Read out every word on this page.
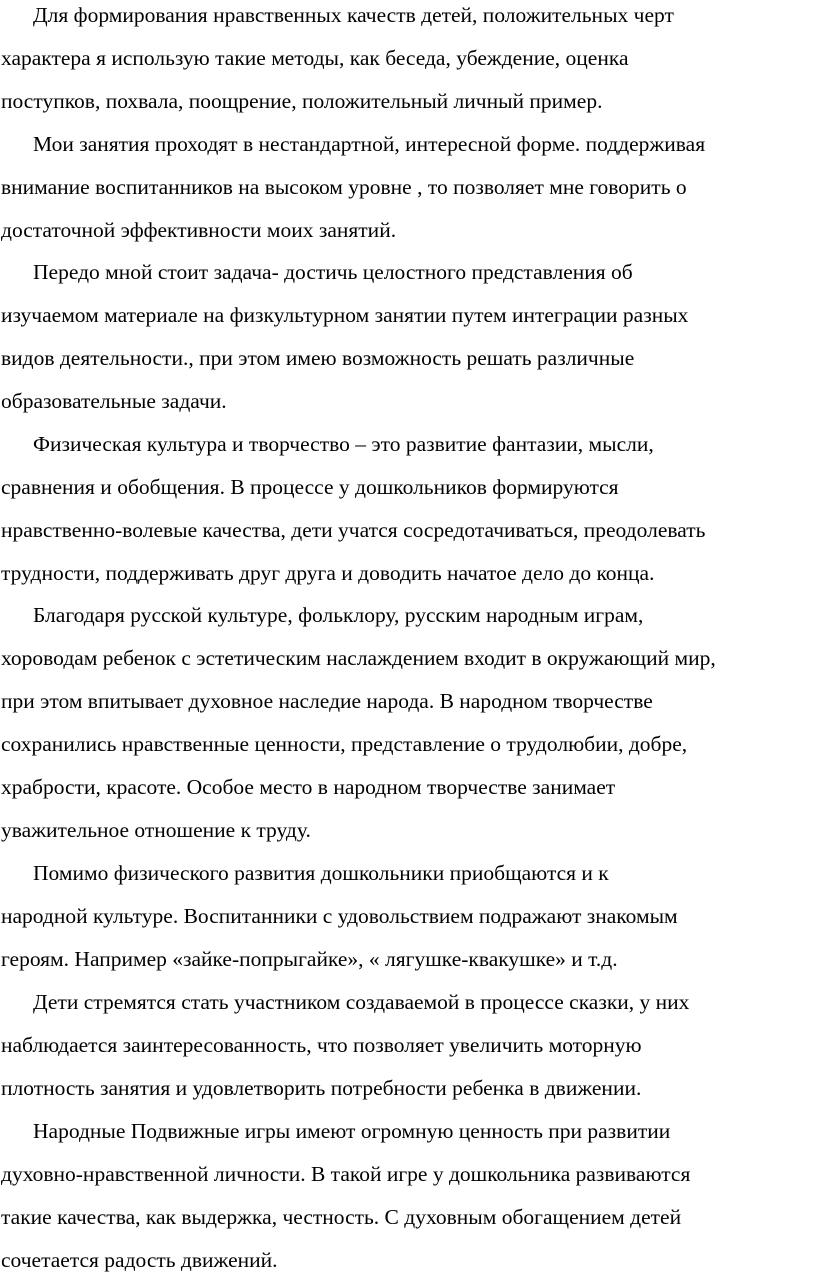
Для формирования нравственных качеств детей, положительных черт
характера я использую такие методы, как беседа, убеждение, оценка
поступков, похвала, поощрение, положительный личный пример.
Мои занятия проходят в нестандартной, интересной форме. поддерживая
внимание воспитанников на высоком уровне , то позволяет мне говорить о
достаточной эффективности моих занятий.
Передо мной стоит задача- достичь целостного представления об
изучаемом материале на физкультурном занятии путем интеграции разных
видов деятельности., при этом имею возможность решать различные
образовательные задачи.
Физическая культура и творчество – это развитие фантазии, мысли,
сравнения и обобщения. В процессе у дошкольников формируются
нравственно-волевые качества, дети учатся сосредотачиваться, преодолевать
трудности, поддерживать друг друга и доводить начатое дело до конца.
Благодаря русской культуре, фольклору, русским народным играм,
хороводам ребенок с эстетическим наслаждением входит в окружающий мир,
при этом впитывает духовное наследие народа. В народном творчестве
сохранились нравственные ценности, представление о трудолюбии, добре,
храбрости, красоте. Особое место в народном творчестве занимает
уважительное отношение к труду.
Помимо физического развития дошкольники приобщаются и к
народной культуре. Воспитанники с удовольствием подражают знакомым
героям. Например «зайке-попрыгайке», « лягушке-квакушке» и т.д.
Дети стремятся стать участником создаваемой в процессе сказки, у них
наблюдается заинтересованность, что позволяет увеличить моторную
плотность занятия и удовлетворить потребности ребенка в движении.
Народные Подвижные игры имеют огромную ценность при развитии
духовно-нравственной личности. В такой игре у дошкольника развиваются
такие качества, как выдержка, честность. С духовным обогащением детей
сочетается радость движений.
